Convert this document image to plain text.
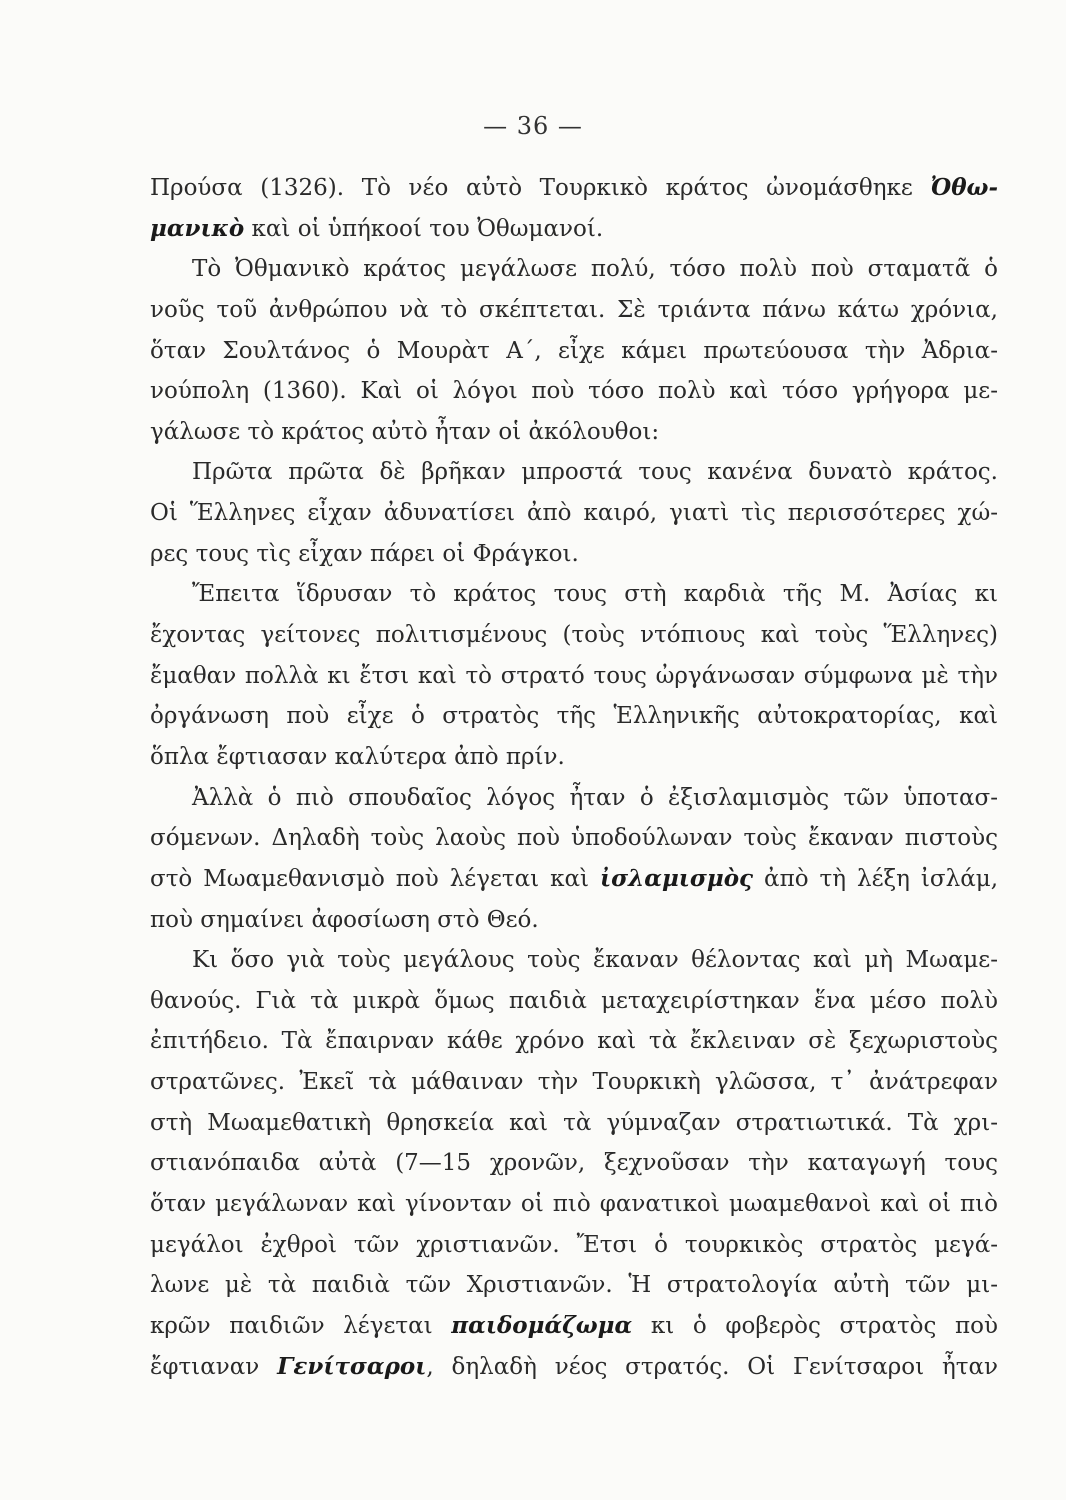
— 36 —
Προύσα (1326). Τὸ νέο αὐτὸ Τουρκικὸ κράτος ὠνομάσθηκε Ὀθω-
μανικὸ καὶ οἱ ὑπήκοοί του Ὀθωμανοί.
Τὸ Ὀθμανικὸ κράτος μεγάλωσε πολύ, τόσο πολὺ ποὺ σταματᾶ ὁ
νοῦς τοῦ ἀνθρώπου νὰ τὸ σκέπτεται. Σὲ τριάντα πάνω κάτω χρόνια,
ὅταν Σουλτάνος ὁ Μουρὰτ Α΄, εἶχε κάμει πρωτεύουσα τὴν Ἀδρια-
νούπολη (1360). Καὶ οἱ λόγοι ποὺ τόσο πολὺ καὶ τόσο γρήγορα με-
γάλωσε τὸ κράτος αὐτὸ ἦταν οἱ ἀκόλουθοι:
Πρῶτα πρῶτα δὲ βρῆκαν μπροστά τους κανένα δυνατὸ κράτος.
Οἱ Ἕλληνες εἶχαν ἀδυνατίσει ἀπὸ καιρό, γιατὶ τὶς περισσότερες χώ-
ρες τους τὶς εἶχαν πάρει οἱ Φράγκοι.
Ἔπειτα ἵδρυσαν τὸ κράτος τους στὴ καρδιὰ τῆς Μ. Ἀσίας κι
ἔχοντας γείτονες πολιτισμένους (τοὺς ντόπιους καὶ τοὺς Ἕλληνες)
ἔμαθαν πολλὰ κι ἔτσι καὶ τὸ στρατό τους ὠργάνωσαν σύμφωνα μὲ τὴν
ὀργάνωση ποὺ εἶχε ὁ στρατὸς τῆς Ἑλληνικῆς αὐτοκρατορίας, καὶ
ὅπλα ἔφτιασαν καλύτερα ἀπὸ πρίν.
Ἀλλὰ ὁ πιὸ σπουδαῖος λόγος ἦταν ὁ ἐξισλαμισμὸς τῶν ὑποτασ-
σόμενων. Δηλαδὴ τοὺς λαοὺς ποὺ ὑποδούλωναν τοὺς ἔκαναν πιστοὺς
στὸ Μωαμεθανισμὸ ποὺ λέγεται καὶ ἰσλαμισμὸς ἀπὸ τὴ λέξη ἰσλάμ,
ποὺ σημαίνει ἀφοσίωση στὸ Θεό.
Κι ὅσο γιὰ τοὺς μεγάλους τοὺς ἔκαναν θέλοντας καὶ μὴ Μωαμε-
θανούς. Γιὰ τὰ μικρὰ ὅμως παιδιὰ μεταχειρίστηκαν ἕνα μέσο πολὺ
ἐπιτήδειο. Τὰ ἔπαιρναν κάθε χρόνο καὶ τὰ ἔκλειναν σὲ ξεχωριστοὺς
στρατῶνες. Ἐκεῖ τὰ μάθαιναν τὴν Τουρκικὴ γλῶσσα, τ᾽ ἀνάτρεφαν
στὴ Μωαμεθατικὴ θρησκεία καὶ τὰ γύμναζαν στρατιωτικά. Τὰ χρι-
στιανόπαιδα αὐτὰ (7—15 χρονῶν, ξεχνοῦσαν τὴν καταγωγή τους
ὅταν μεγάλωναν καὶ γίνονταν οἱ πιὸ φανατικοὶ μωαμεθανοὶ καὶ οἱ πιὸ
μεγάλοι ἐχθροὶ τῶν χριστιανῶν. Ἔτσι ὁ τουρκικὸς στρατὸς μεγά-
λωνε μὲ τὰ παιδιὰ τῶν Χριστιανῶν. Ἡ στρατολογία αὐτὴ τῶν μι-
κρῶν παιδιῶν λέγεται παιδομάζωμα κι ὁ φοβερὸς στρατὸς ποὺ
ἔφτιαναν Γενίτσαροι, δηλαδὴ νέος στρατός. Οἱ Γενίτσαροι ἦταν
